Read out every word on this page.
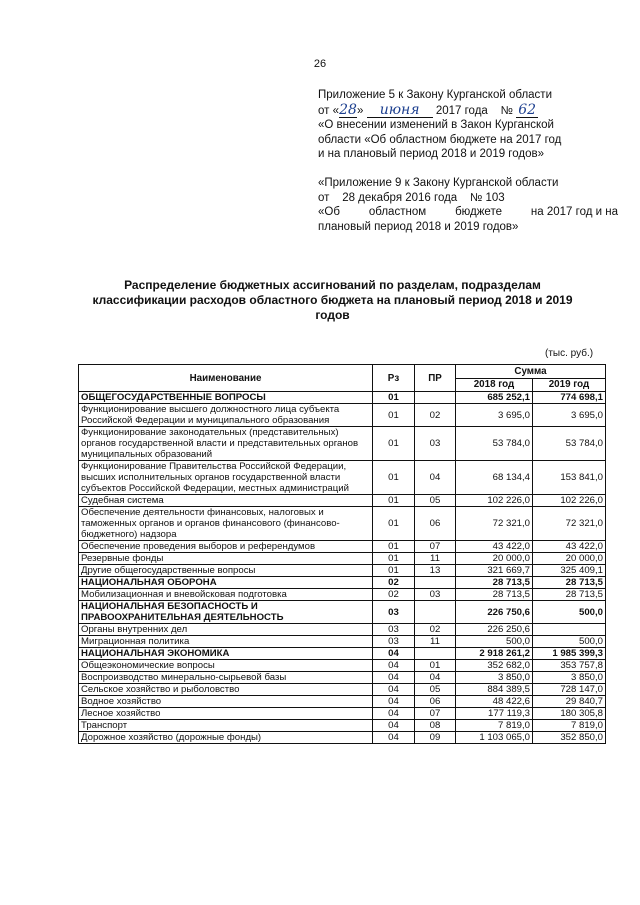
26
Приложение 5 к Закону Курганской области
от «28» июня 2017 года № 62
«О внесении изменений в Закон Курганской
области «Об областном бюджете на 2017 год
и на плановый период 2018 и 2019 годов»
«Приложение 9 к Закону Курганской области
от    28 декабря 2016 года    № 103
«Об	областном	бюджете	на 2017 год и на
плановый период 2018 и 2019 годов»
Распределение бюджетных ассигнований по разделам, подразделам
классификации расходов областного бюджета на плановый период 2018 и 2019
годов
(тыс. руб.)
Наименование	Рз	ПР	Сумма	
			2018 год	2019 год
ОБЩЕГОСУДАРСТВЕННЫЕ ВОПРОСЫ	01		685 252,1	774 698,1
Функционирование высшего должностного лица субъекта Российской Федерации и муниципального образования	01	02	3 695,0	3 695,0
Функционирование законодательных (представительных) органов государственной власти и представительных органов муниципальных образований	01	03	53 784,0	53 784,0
Функционирование Правительства Российской Федерации, высших исполнительных органов государственной власти субъектов Российской Федерации, местных администраций	01	04	68 134,4	153 841,0
Судебная система	01	05	102 226,0	102 226,0
Обеспечение деятельности финансовых, налоговых и таможенных органов и органов финансового (финансово-бюджетного) надзора	01	06	72 321,0	72 321,0
Обеспечение проведения выборов и референдумов	01	07	43 422,0	43 422,0
Резервные фонды	01	11	20 000,0	20 000,0
Другие общегосударственные вопросы	01	13	321 669,7	325 409,1
НАЦИОНАЛЬНАЯ ОБОРОНА	02		28 713,5	28 713,5
Мобилизационная и вневойсковая подготовка	02	03	28 713,5	28 713,5
НАЦИОНАЛЬНАЯ БЕЗОПАСНОСТЬ И ПРАВООХРАНИТЕЛЬНАЯ ДЕЯТЕЛЬНОСТЬ	03		226 750,6	500,0
Органы внутренних дел	03	02	226 250,6	
Миграционная политика	03	11	500,0	500,0
НАЦИОНАЛЬНАЯ ЭКОНОМИКА	04		2 918 261,2	1 985 399,3
Общеэкономические вопросы	04	01	352 682,0	353 757,8
Воспроизводство минерально-сырьевой базы	04	04	3 850,0	3 850,0
Сельское хозяйство и рыболовство	04	05	884 389,5	728 147,0
Водное хозяйство	04	06	48 422,6	29 840,7
Лесное хозяйство	04	07	177 119,3	180 305,8
Транспорт	04	08	7 819,0	7 819,0
Дорожное хозяйство (дорожные фонды)	04	09	1 103 065,0	352 850,0
